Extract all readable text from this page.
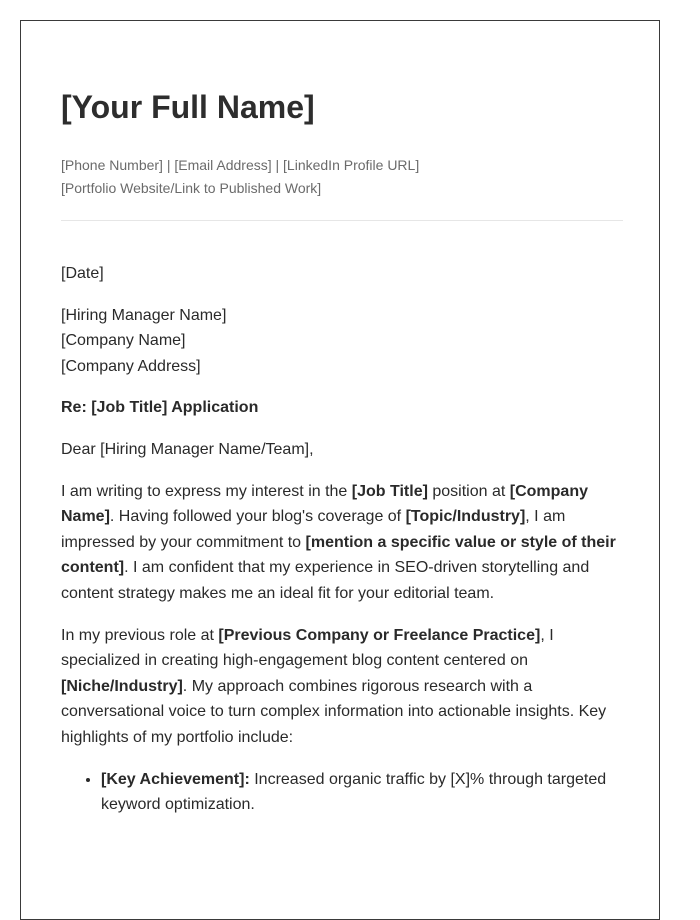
[Your Full Name]
[Phone Number] | [Email Address] | [LinkedIn Profile URL]
[Portfolio Website/Link to Published Work]

[Date]

[Hiring Manager Name]
[Company Name]
[Company Address]

Re: [Job Title] Application

Dear [Hiring Manager Name/Team],

I am writing to express my interest in the [Job Title] position at [Company Name]. Having followed your blog's coverage of [Topic/Industry], I am impressed by your commitment to [mention a specific value or style of their content]. I am confident that my experience in SEO-driven storytelling and content strategy makes me an ideal fit for your editorial team.

In my previous role at [Previous Company or Freelance Practice], I specialized in creating high-engagement blog content centered on [Niche/Industry]. My approach combines rigorous research with a conversational voice to turn complex information into actionable insights. Key highlights of my portfolio include:

• [Key Achievement]: Increased organic traffic by [X]% through targeted keyword optimization.
